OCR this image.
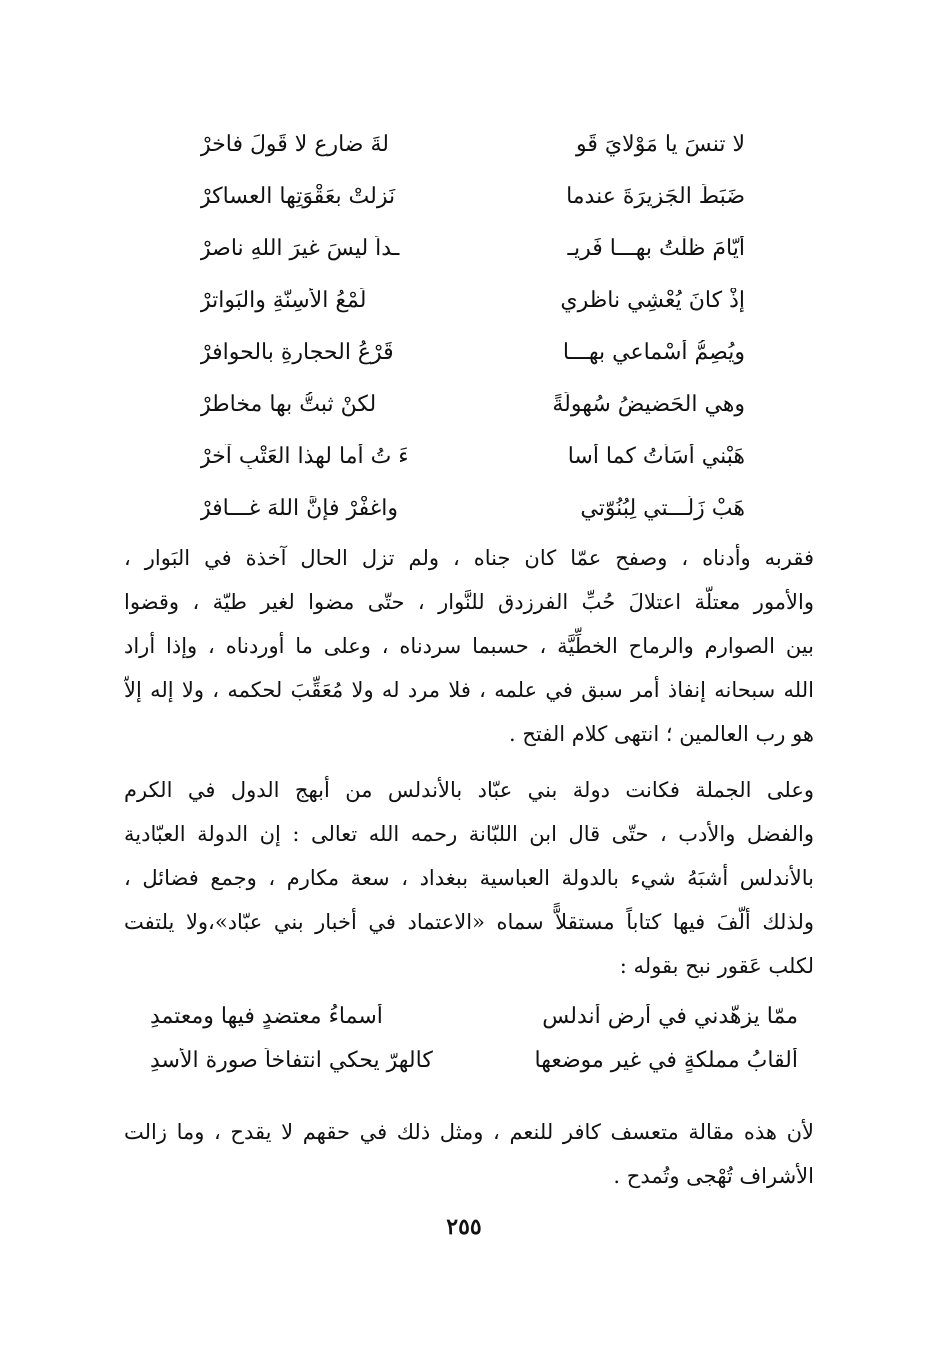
لا تنسَ يا مَوْلايَ قَو
لةَ ضارعٍ لا قَولَ فاخرْ
ضَبَطَ الجَزيرَةَ عندما
نَزلتْ بعَقْوَتِها العساكرْ
أيّامَ ظلْتُ بهـــا فَرِيـ
ـداً ليسَ غيرَ اللهِ ناصرْ
إذْ كانَ يُعْشِي ناظري
لَمْعُ الأسِنّةِ والبَواترْ
ويُصِمُّ أسْماعي بهـــا
قَرْعُ الحجارةِ بالحوافرْ
وهي الحَضيضُ سُهولَةً
لكنْ ثبتُّ بها مخاطرْ
هَبْني أسَأْتُ كما أسا
ءَ تُ أما لهذا العَتْبِ آخرْ
هَبْ زَلّـــتي لِبُنُوّتي
واغفْرْ فإنَّ اللهَ غـــافرْ
فقربه وأدناه ، وصفح عمّا كان جناه ، ولم تزل الحال آخذة في البَوار ،
والأمور معتلّة اعتلالَ حُبِّ الفرزدق للنَّوار ، حتّى مضوا لغير طيّة ، وقضوا
بين الصوارم والرماح الخطِّيَّة ، حسبما سردناه ، وعلى ما أوردناه ، وإذا أراد
الله سبحانه إنفاذ أمر سبق في علمه ، فلا مرد له ولا مُعَقِّبَ لحكمه ، ولا إله إلاّ
هو رب العالمين ؛ انتهى كلام الفتح .
وعلى الجملة فكانت دولة بني عبّاد بالأندلس من أبهج الدول في الكرم
والفضل والأدب ، حتّى قال ابن اللبّانة رحمه الله تعالى : إن الدولة العبّادية
بالأندلس أشبَهُ شيء بالدولة العباسية ببغداد ، سعة مكارم ، وجمع فضائل ،
ولذلك ألّفَ فيها كتاباً مستقلاًّ سماه «الاعتماد في أخبار بني عبّاد»،ولا يلتفت
لكلب عَقور نبح بقوله :
ممّا يزهّدني في أرضِ أندلسٍ
أسماءُ معتضدٍ فيها ومعتمدِ
ألقابُ مملكةٍ في غير موضعها
كالهرّ يحكي انتفاخاً صورة الأسدِ
لأن هذه مقالة متعسف كافر للنعم ، ومثل ذلك في حقهم لا يقدح ، وما زالت
الأشراف تُهْجى وتُمدح .
٢٥٥
